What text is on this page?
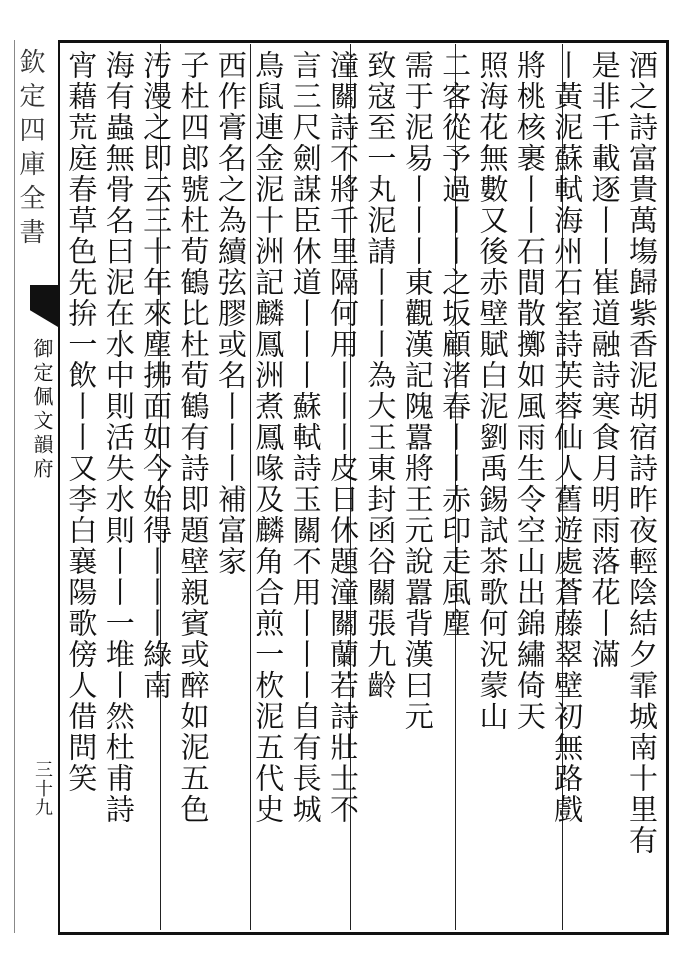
欽定四庫全書
御定佩文韻府
三十九	酒之詩富貴萬塲歸紫香泥胡宿詩昨夜輕陰結夕霏城南十里有
是非千載逐丨丨崔道融詩寒食月明雨落花丨滿
丨黃泥蘇軾海州石室詩芙蓉仙人舊遊處蒼藤翠壁初無路戲
將桃核裹丨丨石間散擲如風雨生令空山出錦繡倚天
照海花無數又後赤壁賦白泥劉禹錫試茶歌何況蒙山
二客從予過丨丨之坂顧渚春丨丨赤印走風塵
需于泥易丨丨丨東觀漢記隗囂將王元說囂背漢曰元
致寇至一丸泥請丨丨丨為大王東封函谷關張九齡
潼關詩不將千里隔何用丨丨丨皮日休題潼關蘭若詩壯士不
言三尺劍謀臣休道丨丨丨蘇軾詩玉關不用丨丨丨自有長城
鳥鼠連金泥十洲記麟鳳洲煮鳳喙及麟角合煎一杴泥五代史
西作膏名之為續弦膠或名丨丨丨補富家
子杜四郎號杜荀鶴比杜荀鶴有詩即題壁親賓或醉如泥五色
汚漫之即云三十年來塵拂面如今始得丨丨丨綠南
海有蟲無骨名曰泥在水中則活失水則丨丨一堆丨然杜甫詩
宵藉荒庭春草色先拚一飲丨丨又李白襄陽歌傍人借問笑
